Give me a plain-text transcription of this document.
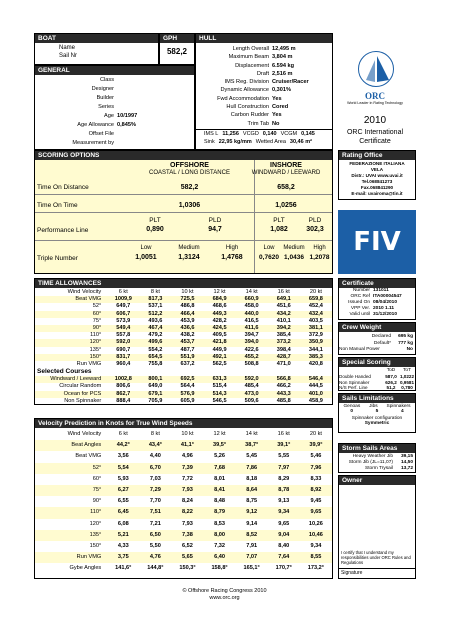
BOAT
Name
Sail Nr
GPH
582,2
HULL
Length Overall 12,495 m
Maximum Beam 3,804 m
Displacement 6.594 kg
Draft 2,516 m
IMS Reg. Division Cruiser/Racer
Dynamic Allowance 0,301%
Fwd Accommodation Yes
Hull Construction Cored
Carbon Rudder Yes
Trim Tab No
IMS L 11,256 VCGD 0,140 VCGM 0,145
Sink 22,95 kg/mm Wetted Area 30,46 m²
GENERAL
Class
Designer
Builder
Series
Age 10/1997
Age Allowance 0,845%
Offset File
Measurement by
ORC
World Leader in Rating Technology
2010
ORC International
Certificate
SCORING OPTIONS
OFFSHORE
COASTAL / LONG DISTANCE
INSHORE
WINDWARD / LEEWARD
Time On Distance	582,2	658,2
Time On Time	1,0306	1,0256
Performance Line
PLT	PLD
0,890	94,7
PLT	PLD
1,082	302,3
Triple Number
Low	Medium	High
1,0051	1,3124	1,4768
Low	Medium	High
0,7620 1,0436 1,2078
Rating Office
FEDERAZIONE ITALIANA
VELA
Distr.: UVAI www.uvai.it
Tel.068841273
Fax.068841290
E-mail: uvairoma@tin.it
FIV
TIME ALLOWANCES
Wind Velocity	6 kt	8 kt	10 kt	12 kt	14 kt	16 kt	20 kt
Beat VMG	1009,9	817,3	725,5	684,9	660,9	649,1	659,8
52°	649,7	537,1	486,8	468,6	458,0	451,6	452,4
60°	606,7	512,2	466,4	449,3	440,0	434,2	432,4
75°	573,9	493,6	453,9	428,2	416,5	410,1	403,5
90°	549,4	467,4	436,6	424,5	411,6	394,2	381,1
110°	557,8	479,2	438,2	409,5	394,7	385,4	372,9
120°	592,0	499,6	453,7	421,8	394,0	373,2	350,9
135°	690,7	554,2	487,7	449,9	422,6	398,4	344,1
150°	831,7	654,5	551,9	492,1	455,2	428,7	385,3
Run VMG	960,4	755,8	637,2	562,5	508,8	471,0	420,8
Selected Courses
Windward / Leeward	1002,8	800,1	692,5	631,3	592,0	566,8	546,4
Circular Random	806,6	649,0	564,4	515,4	485,4	466,2	444,5
Ocean for PCS	862,7	679,1	576,9	514,3	473,0	443,3	401,0
Non Spinnaker	888,4	705,9	605,9	546,5	509,6	485,8	458,9
Certificate
Number 131011
ORC Ref ITA00004547
Issued On 08/04/2010
VPP Ver. 2010 1.11
Valid until 31/12/2010
Crew Weight
Declared	695 kg
Default*	777 kg
Non Manual Power	No
Special Scoring
ToD	ToT
Double Handed	587,0 1,0222
Non Spinnaker	626,2 0,9581
N/S Perf. Line	51,2	0,780
Sails Limitations
Genoas Jibs Spinnakers
0	5	4
Spinnaker configuration
Symmetric
Velocity Prediction in Knots for True Wind Speeds
Wind Velocity	6 kt	8 kt	10 kt	12 kt	14 kt	16 kt	20 kt
Beat Angles	44,2°	43,4°	41,1°	39,5°	38,7°	39,1°	39,9°
Beat VMG	3,56	4,40	4,96	5,26	5,45	5,55	5,46
52°	5,54	6,70	7,39	7,68	7,86	7,97	7,96
60°	5,93	7,03	7,72	8,01	8,18	8,29	8,33
75°	6,27	7,29	7,93	8,41	8,64	8,78	8,92
90°	6,55	7,70	8,24	8,48	8,75	9,13	9,45
110°	6,45	7,51	8,22	8,79	9,12	9,34	9,65
120°	6,08	7,21	7,93	8,53	9,14	9,65	10,26
135°	5,21	6,50	7,38	8,00	8,52	9,04	10,46
150°	4,33	5,50	6,52	7,32	7,91	8,40	9,34
Run VMG	3,75	4,76	5,65	6,40	7,07	7,64	8,55
Gybe Angles	141,6°	144,8°	150,3°	158,8°	165,1°	170,7°	173,2°
Storm Sails Areas
Heavy Weather Jib	39,15
Storm Jib (JL=11,07)	14,50
Storm Trysail	13,72
Owner
I certify that I understand my responsibilities under ORC Rules and Regulations
Signature
© Offshore Racing Congress 2010
www.orc.org
